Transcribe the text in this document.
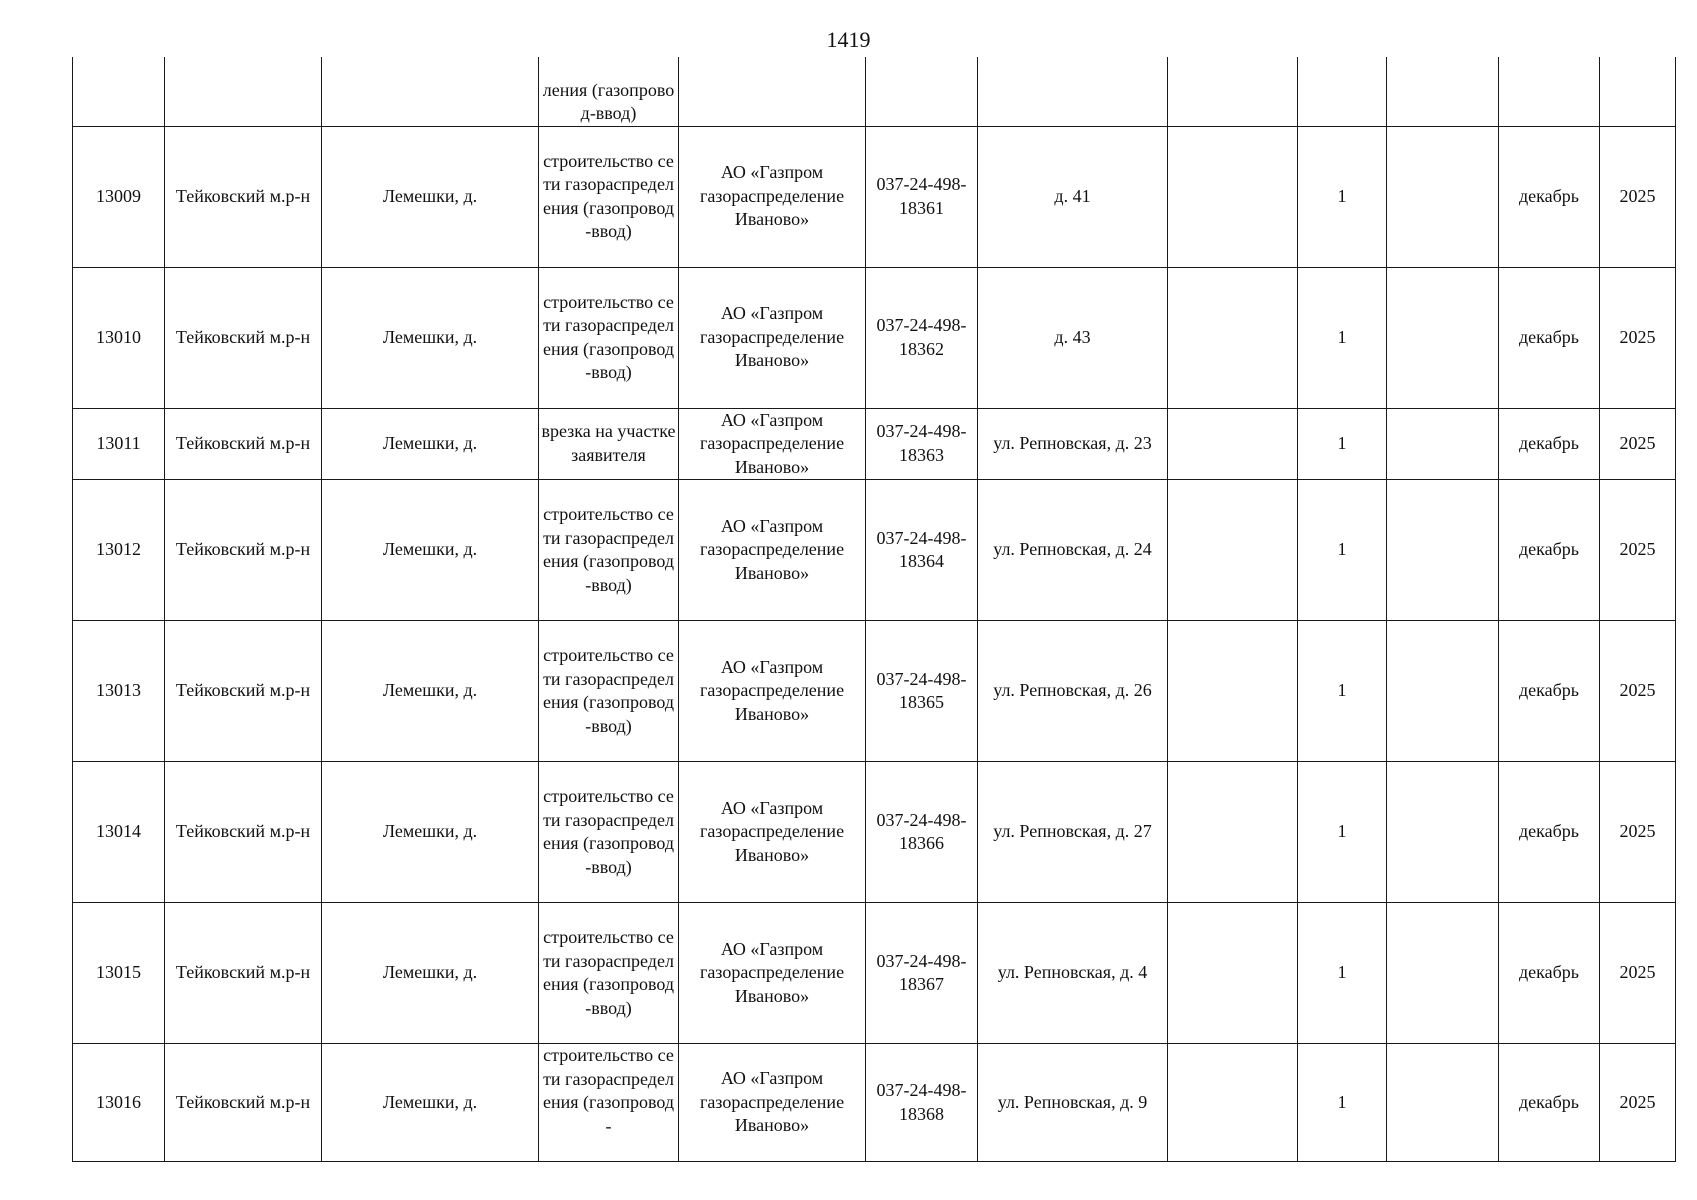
1419

			ления (газопровод-ввод)								

13009	Тейковский м.р-н	Лемешки, д.	строительство сети газораспределения (газопровод-ввод)	АО «Газпром газораспределение Иваново»	037-24-498-18361	д. 41		1		декабрь	2025
13010	Тейковский м.р-н	Лемешки, д.	строительство сети газораспределения (газопровод-ввод)	АО «Газпром газораспределение Иваново»	037-24-498-18362	д. 43		1		декабрь	2025
13011	Тейковский м.р-н	Лемешки, д.	врезка на участке заявителя	АО «Газпром газораспределение Иваново»	037-24-498-18363	ул. Репновская, д. 23		1		декабрь	2025
13012	Тейковский м.р-н	Лемешки, д.	строительство сети газораспределения (газопровод-ввод)	АО «Газпром газораспределение Иваново»	037-24-498-18364	ул. Репновская, д. 24		1		декабрь	2025
13013	Тейковский м.р-н	Лемешки, д.	строительство сети газораспределения (газопровод-ввод)	АО «Газпром газораспределение Иваново»	037-24-498-18365	ул. Репновская, д. 26		1		декабрь	2025
13014	Тейковский м.р-н	Лемешки, д.	строительство сети газораспределения (газопровод-ввод)	АО «Газпром газораспределение Иваново»	037-24-498-18366	ул. Репновская, д. 27		1		декабрь	2025
13015	Тейковский м.р-н	Лемешки, д.	строительство сети газораспределения (газопровод-ввод)	АО «Газпром газораспределение Иваново»	037-24-498-18367	ул. Репновская, д. 4		1		декабрь	2025
13016	Тейковский м.р-н	Лемешки, д.	строительство сети газораспределения (газопровод-	АО «Газпром газораспределение Иваново»	037-24-498-18368	ул. Репновская, д. 9		1		декабрь	2025
